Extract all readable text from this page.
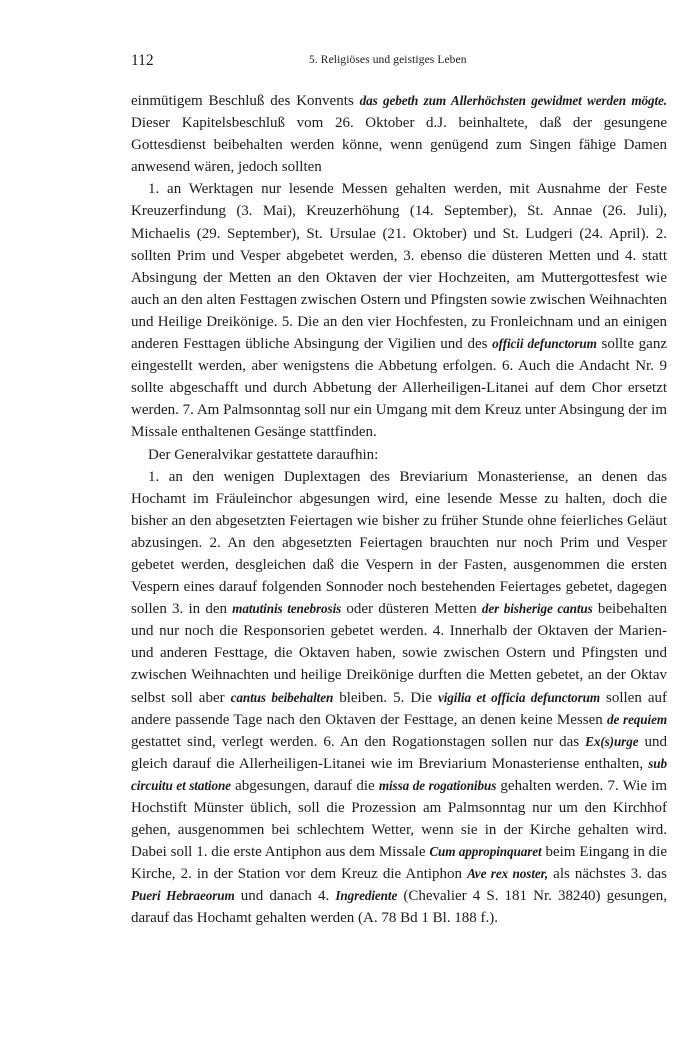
112	5. Religiöses und geistiges Leben

einmütigem Beschluß des Konvents das gebeth zum Allerhöchsten gewidmet werden mögte. Dieser Kapitelsbeschluß vom 26. Oktober d.J. beinhaltete, daß der gesungene Gottesdienst beibehalten werden könne, wenn genügend zum Singen fähige Damen anwesend wären, jedoch sollten

1. an Werktagen nur lesende Messen gehalten werden, mit Ausnahme der Feste Kreuzerfindung (3. Mai), Kreuzerhöhung (14. September), St. Annae (26. Juli), Michaelis (29. September), St. Ursulae (21. Oktober) und St. Ludgeri (24. April). 2. sollten Prim und Vesper abgebetet werden, 3. ebenso die düsteren Metten und 4. statt Absingung der Metten an den Oktaven der vier Hochzeiten, am Muttergottesfest wie auch an den alten Festtagen zwischen Ostern und Pfingsten sowie zwischen Weihnachten und Heilige Dreikönige. 5. Die an den vier Hochfesten, zu Fronleichnam und an einigen anderen Festtagen übliche Absingung der Vigilien und des officii defunctorum sollte ganz eingestellt werden, aber wenigstens die Abbetung erfolgen. 6. Auch die Andacht Nr. 9 sollte abgeschafft und durch Abbetung der Allerheiligen-Litanei auf dem Chor ersetzt werden. 7. Am Palmsonntag soll nur ein Umgang mit dem Kreuz unter Absingung der im Missale enthaltenen Gesänge stattfinden.

Der Generalvikar gestattete daraufhin:

1. an den wenigen Duplextagen des Breviarium Monasteriense, an denen das Hochamt im Fräuleinchor abgesungen wird, eine lesende Messe zu halten, doch die bisher an den abgesetzten Feiertagen wie bisher zu früher Stunde ohne feierliches Geläut abzusingen. 2. An den abgesetzten Feiertagen brauchten nur noch Prim und Vesper gebetet werden, desgleichen daß die Vespern in der Fasten, ausgenommen die ersten Vespern eines darauf folgenden Sonnoder noch bestehenden Feiertages gebetet, dagegen sollen 3. in den matutinis tenebrosis oder düsteren Metten der bisherige cantus beibehalten und nur noch die Responsorien gebetet werden. 4. Innerhalb der Oktaven der Marien- und anderen Festtage, die Oktaven haben, sowie zwischen Ostern und Pfingsten und zwischen Weihnachten und heilige Dreikönige durften die Metten gebetet, an der Oktav selbst soll aber cantus beibehalten bleiben. 5. Die vigilia et officia defunctorum sollen auf andere passende Tage nach den Oktaven der Festtage, an denen keine Messen de requiem gestattet sind, verlegt werden. 6. An den Rogationstagen sollen nur das Ex(s)urge und gleich darauf die Allerheiligen-Litanei wie im Breviarium Monasteriense enthalten, sub circuitu et statione abgesungen, darauf die missa de rogationibus gehalten werden. 7. Wie im Hochstift Münster üblich, soll die Prozession am Palmsonntag nur um den Kirchhof gehen, ausgenommen bei schlechtem Wetter, wenn sie in der Kirche gehalten wird. Dabei soll 1. die erste Antiphon aus dem Missale Cum appropinquaret beim Eingang in die Kirche, 2. in der Station vor dem Kreuz die Antiphon Ave rex noster, als nächstes 3. das Pueri Hebraeorum und danach 4. Ingrediente (Chevalier 4 S. 181 Nr. 38240) gesungen, darauf das Hochamt gehalten werden (A. 78 Bd 1 Bl. 188 f.).
